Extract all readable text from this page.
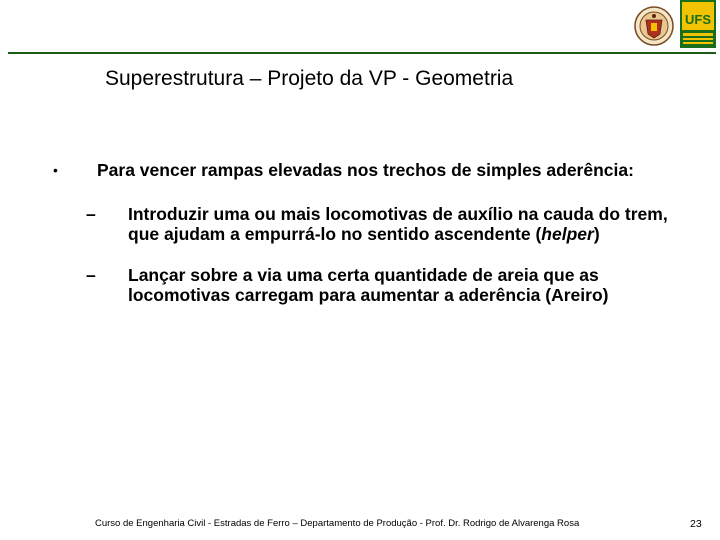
UFS
Superestrutura – Projeto da VP - Geometria
• Para vencer rampas elevadas nos trechos de simples aderência:
– Introduzir uma ou mais locomotivas de auxílio na cauda do trem, que ajudam a empurrá-lo no sentido ascendente (helper)
– Lançar sobre a via uma certa quantidade de areia que as locomotivas carregam para aumentar a aderência (Areiro)
Curso de Engenharia Civil - Estradas de Ferro – Departamento de Produção - Prof. Dr. Rodrigo de Alvarenga Rosa	23
